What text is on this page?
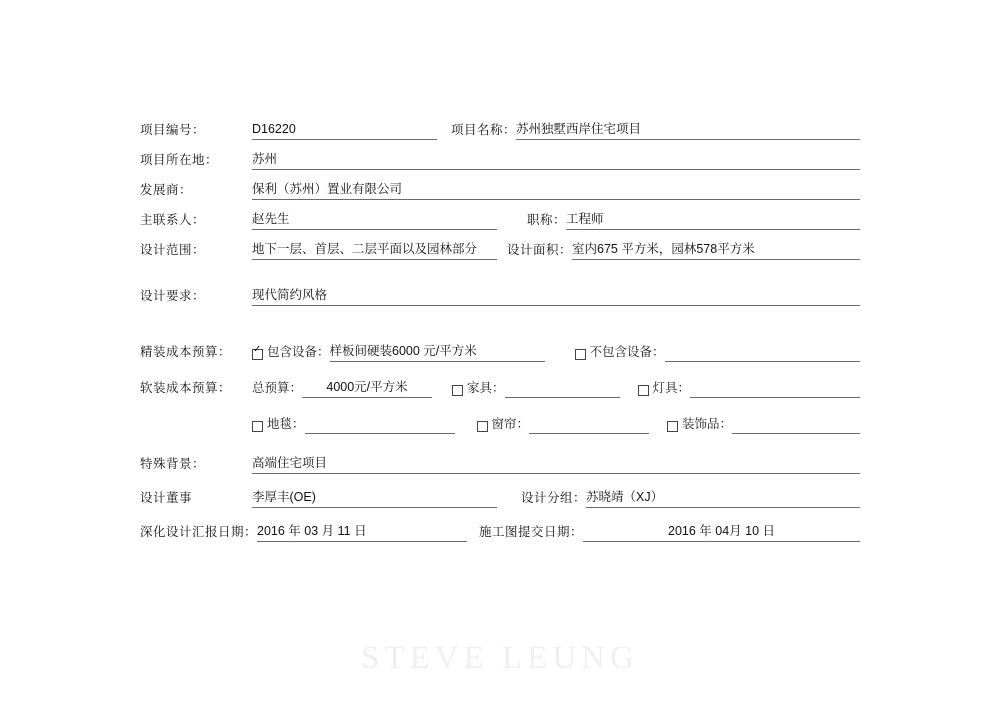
项目编号：	D16220	项目名称： 苏州独墅西岸住宅项目
项目所在地：	苏州
发展商：	保利（苏州）置业有限公司
主联系人：	赵先生	职称： 工程师
设计范围：	地下一层、首层、二层平面以及园林部分	设计面积： 室内675 平方米，园林578平方米
设计要求：	现代简约风格
精装成本预算： ✓	包含设备： 样板间硬装6000 元/平方米	不包含设备：
软装成本预算：	总预算：	4000元/平方米	家具：	灯具：
地毯：	窗帘：	装饰品：
特殊背景：	高端住宅项目
设计董事	李厚丰(OE)	设计分组： 苏晓靖（XJ）
深化设计汇报日期： 2016 年 03 月 11 日	施工图提交日期：	2016 年 04月 10 日
STEVE LEUNG
